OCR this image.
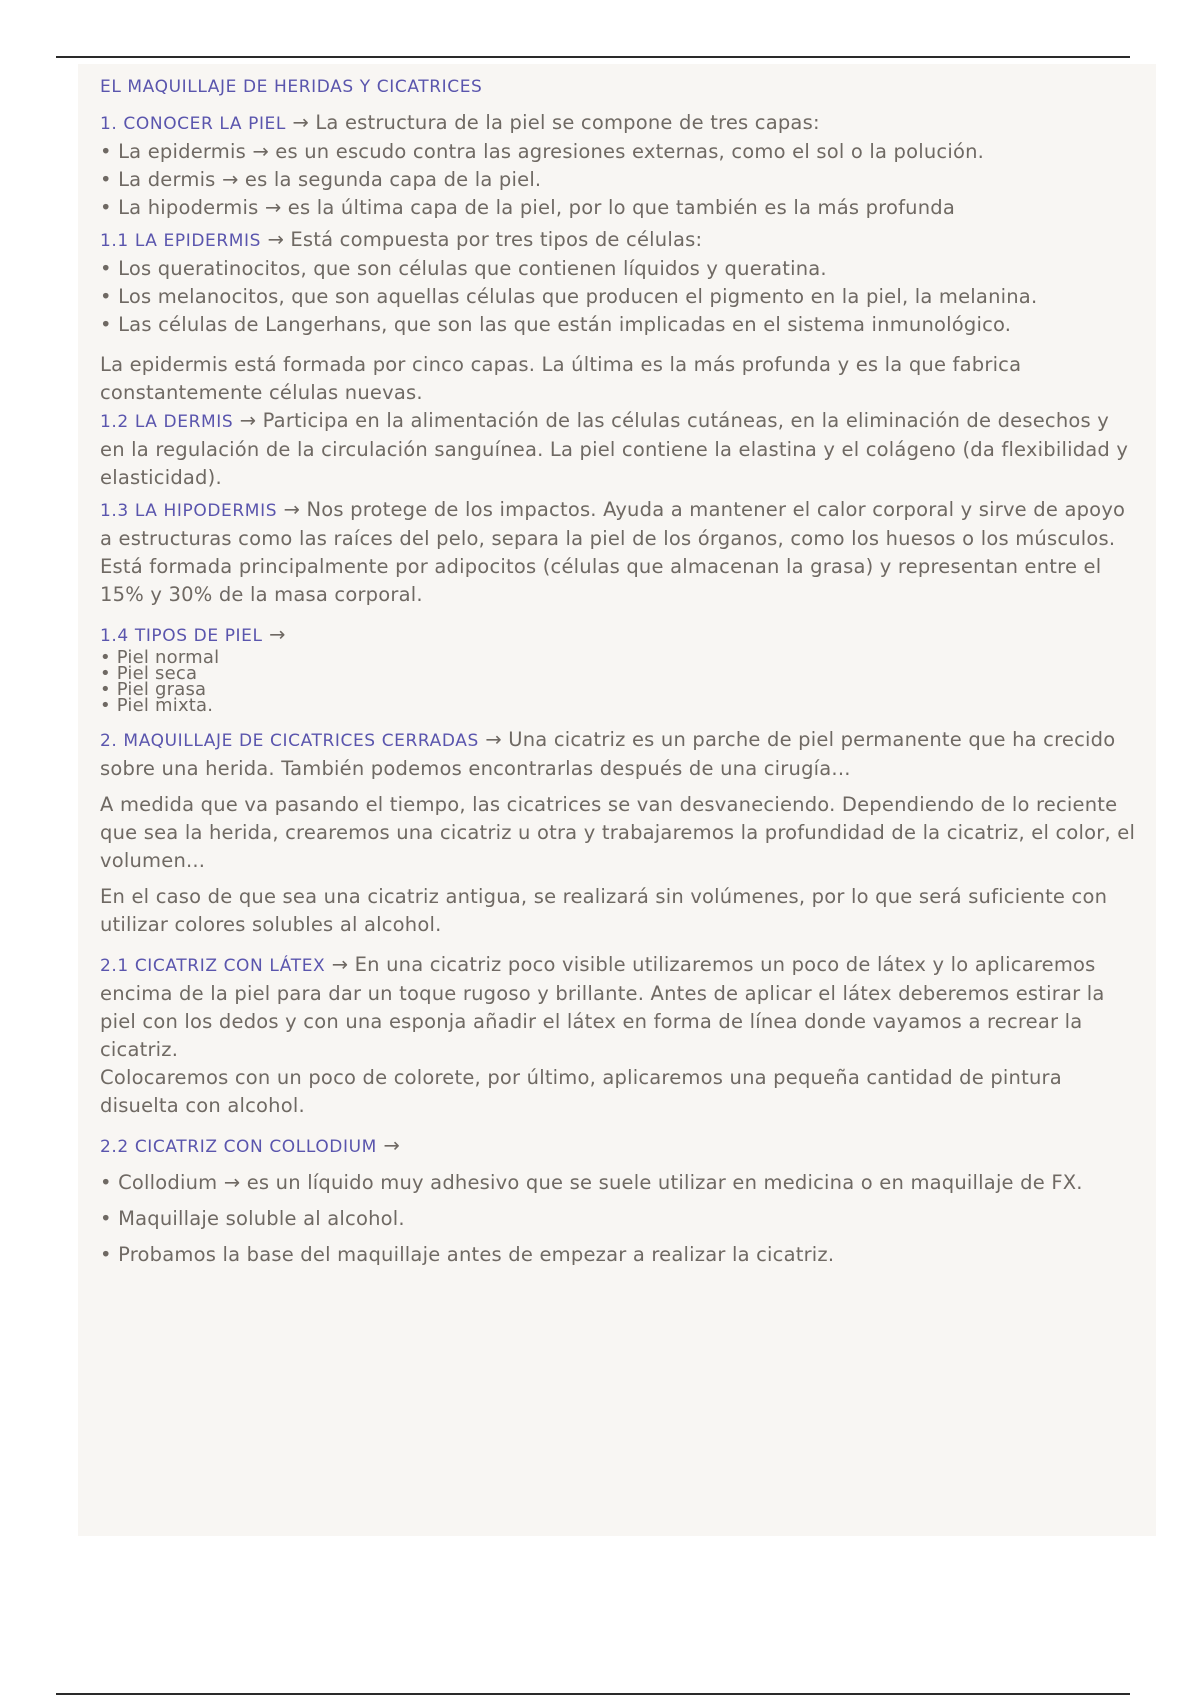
EL MAQUILLAJE DE HERIDAS Y CICATRICES

1. CONOCER LA PIEL → La estructura de la piel se compone de tres capas:

• La epidermis → es un escudo contra las agresiones externas, como el sol o la polución.

• La dermis → es la segunda capa de la piel.

• La hipodermis → es la última capa de la piel, por lo que también es la más profunda

1.1 LA EPIDERMIS → Está compuesta por tres tipos de células:

• Los queratinocitos, que son células que contienen líquidos y queratina.

• Los melanocitos, que son aquellas células que producen el pigmento en la piel, la melanina.

• Las células de Langerhans, que son las que están implicadas en el sistema inmunológico.

La epidermis está formada por cinco capas. La última es la más profunda y es la que fabrica constantemente células nuevas.

1.2 LA DERMIS → Participa en la alimentación de las células cutáneas, en la eliminación de desechos y en la regulación de la circulación sanguínea. La piel contiene la elastina y el colágeno (da flexibilidad y elasticidad).

1.3 LA HIPODERMIS → Nos protege de los impactos. Ayuda a mantener el calor corporal y sirve de apoyo a estructuras como las raíces del pelo, separa la piel de los órganos, como los huesos o los músculos.

Está formada principalmente por adipocitos (células que almacenan la grasa) y representan entre el 15% y 30% de la masa corporal.

1.4 TIPOS DE PIEL →

• Piel normal

• Piel seca

• Piel grasa

• Piel mixta.

2. MAQUILLAJE DE CICATRICES CERRADAS → Una cicatriz es un parche de piel permanente que ha crecido sobre una herida. También podemos encontrarlas después de una cirugía...

A medida que va pasando el tiempo, las cicatrices se van desvaneciendo. Dependiendo de lo reciente que sea la herida, crearemos una cicatriz u otra y trabajaremos la profundidad de la cicatriz, el color, el volumen...

En el caso de que sea una cicatriz antigua, se realizará sin volúmenes, por lo que será suficiente con utilizar colores solubles al alcohol.

2.1 CICATRIZ CON LÁTEX → En una cicatriz poco visible utilizaremos un poco de látex y lo aplicaremos encima de la piel para dar un toque rugoso y brillante. Antes de aplicar el látex deberemos estirar la piel con los dedos y con una esponja añadir el látex en forma de línea donde vayamos a recrear la cicatriz.

Colocaremos con un poco de colorete, por último, aplicaremos una pequeña cantidad de pintura disuelta con alcohol.

2.2 CICATRIZ CON COLLODIUM →

• Collodium → es un líquido muy adhesivo que se suele utilizar en medicina o en maquillaje de FX.

• Maquillaje soluble al alcohol.

• Probamos la base del maquillaje antes de empezar a realizar la cicatriz.
